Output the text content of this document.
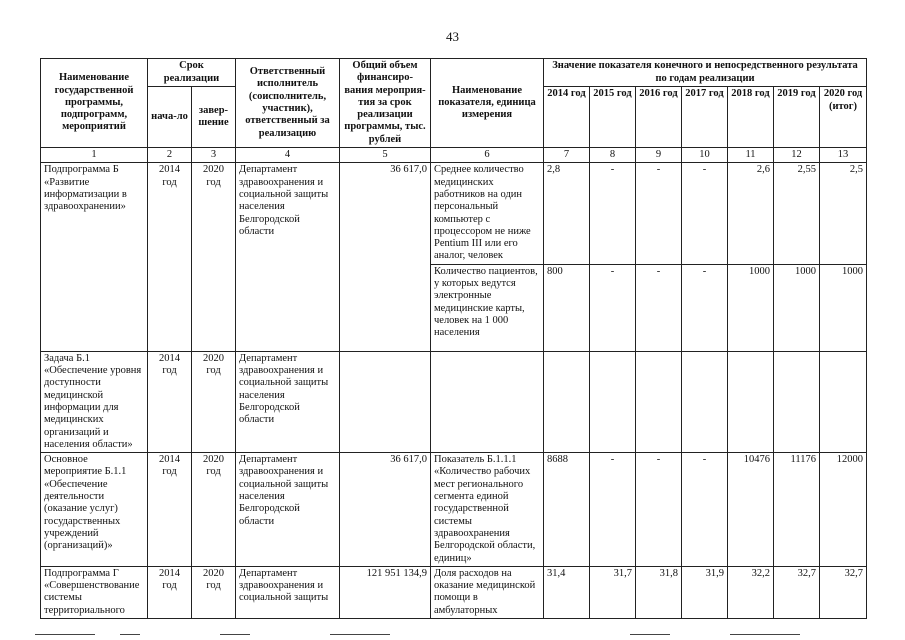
43
Наименование государственной программы, подпрограмм, мероприятий	Срок реализации		Ответственный исполнитель (соисполнитель, участник), ответственный за реализацию	Общий объем финансиро-вания мероприя-тия за срок реализации программы, тыс. рублей	Наименование показателя, единица измерения	Значение показателя конечного и непосредственного результата по годам реализации						
	нача-ло	завер-шение				2014 год	2015 год	2016 год	2017 год	2018 год	2019 год	2020 год (итог)
1	2	3	4	5	6	7	8	9	10	11	12	13
Подпрограмма Б «Развитие информатизации в здравоохранении»	2014 год	2020 год	Департамент здравоохранения и социальной защиты населения Белгородской области	36 617,0	Среднее количество медицинских работников на один персональный компьютер с процессором не ниже Pentium III или его аналог, человек	2,8	-	-	-	2,6	2,55	2,5
					Количество пациентов, у которых ведутся электронные медицинские карты, человек на 1 000 населения	800	-	-	-	1000	1000	1000
Задача Б.1 «Обеспечение уровня доступности медицинской информации для медицинских организаций и населения области»	2014 год	2020 год	Департамент здравоохранения и социальной защиты населения Белгородской области									
Основное мероприятие Б.1.1 «Обеспечение деятельности (оказание услуг) государственных учреждений (организаций)»	2014 год	2020 год	Департамент здравоохранения и социальной защиты населения Белгородской области	36 617,0	Показатель Б.1.1.1 «Количество рабочих мест регионального сегмента единой государственной системы здравоохранения Белгородской области, единиц»	8688	-	-	-	10476	11176	12000
Подпрограмма Г «Совершенствование системы территориального	2014 год	2020 год	Департамент здравоохранения и социальной защиты	121 951 134,9	Доля расходов на оказание медицинской помощи в амбулаторных	31,4	31,7	31,8	31,9	32,2	32,7	32,7
